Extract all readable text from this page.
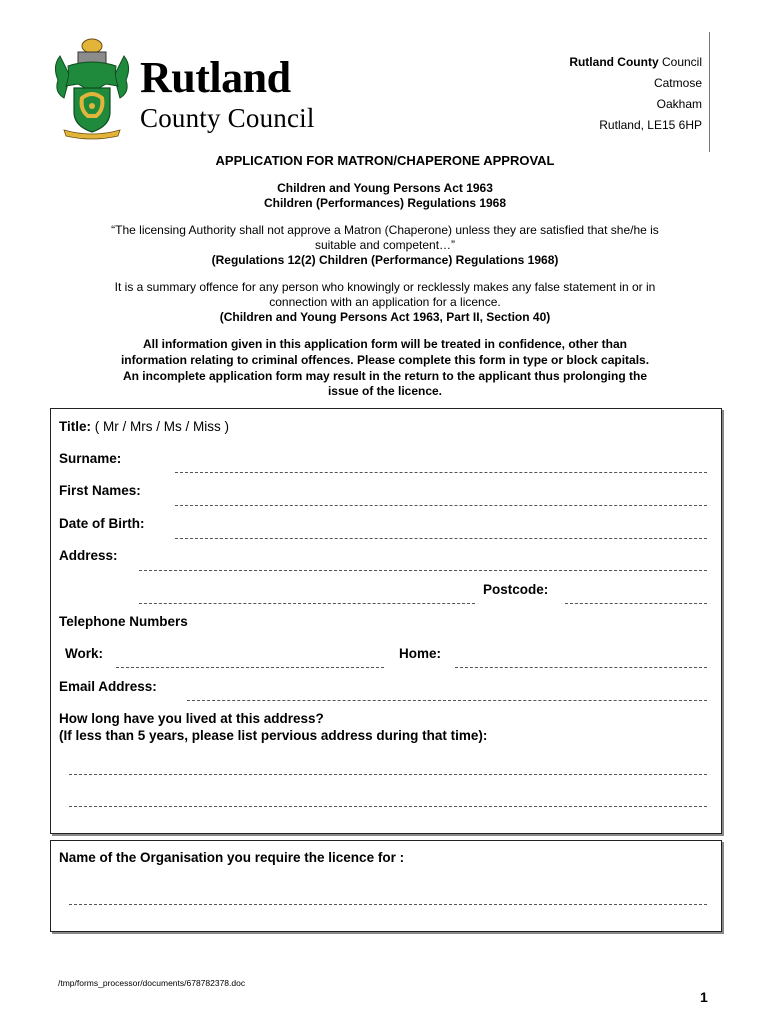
Rutland
County Council
Rutland County Council
Catmose
Oakham
Rutland, LE15 6HP
APPLICATION FOR MATRON/CHAPERONE APPROVAL
Children and Young Persons Act 1963
Children (Performances) Regulations 1968
“The licensing Authority shall not approve a Matron (Chaperone) unless they are satisfied that she/he is
suitable and competent…”
(Regulations 12(2) Children (Performance) Regulations 1968)
It is a summary offence for any person who knowingly or recklessly makes any false statement in or in
connection with an application for a licence.
(Children and Young Persons Act 1963, Part II, Section 40)
All information given in this application form will be treated in confidence, other than
information relating to criminal offences. Please complete this form in type or block capitals.
An incomplete application form may result in the return to the applicant thus prolonging the
issue of the licence.
Title: ( Mr / Mrs / Ms / Miss )
Surname:
First Names:
Date of Birth:
Address:
Postcode:
Telephone Numbers
Work:	Home:
Email Address:
How long have you lived at this address?
(If less than 5 years, please list pervious address during that time):
Name of the Organisation you require the licence for :
/tmp/forms_processor/documents/678782378.doc
1
